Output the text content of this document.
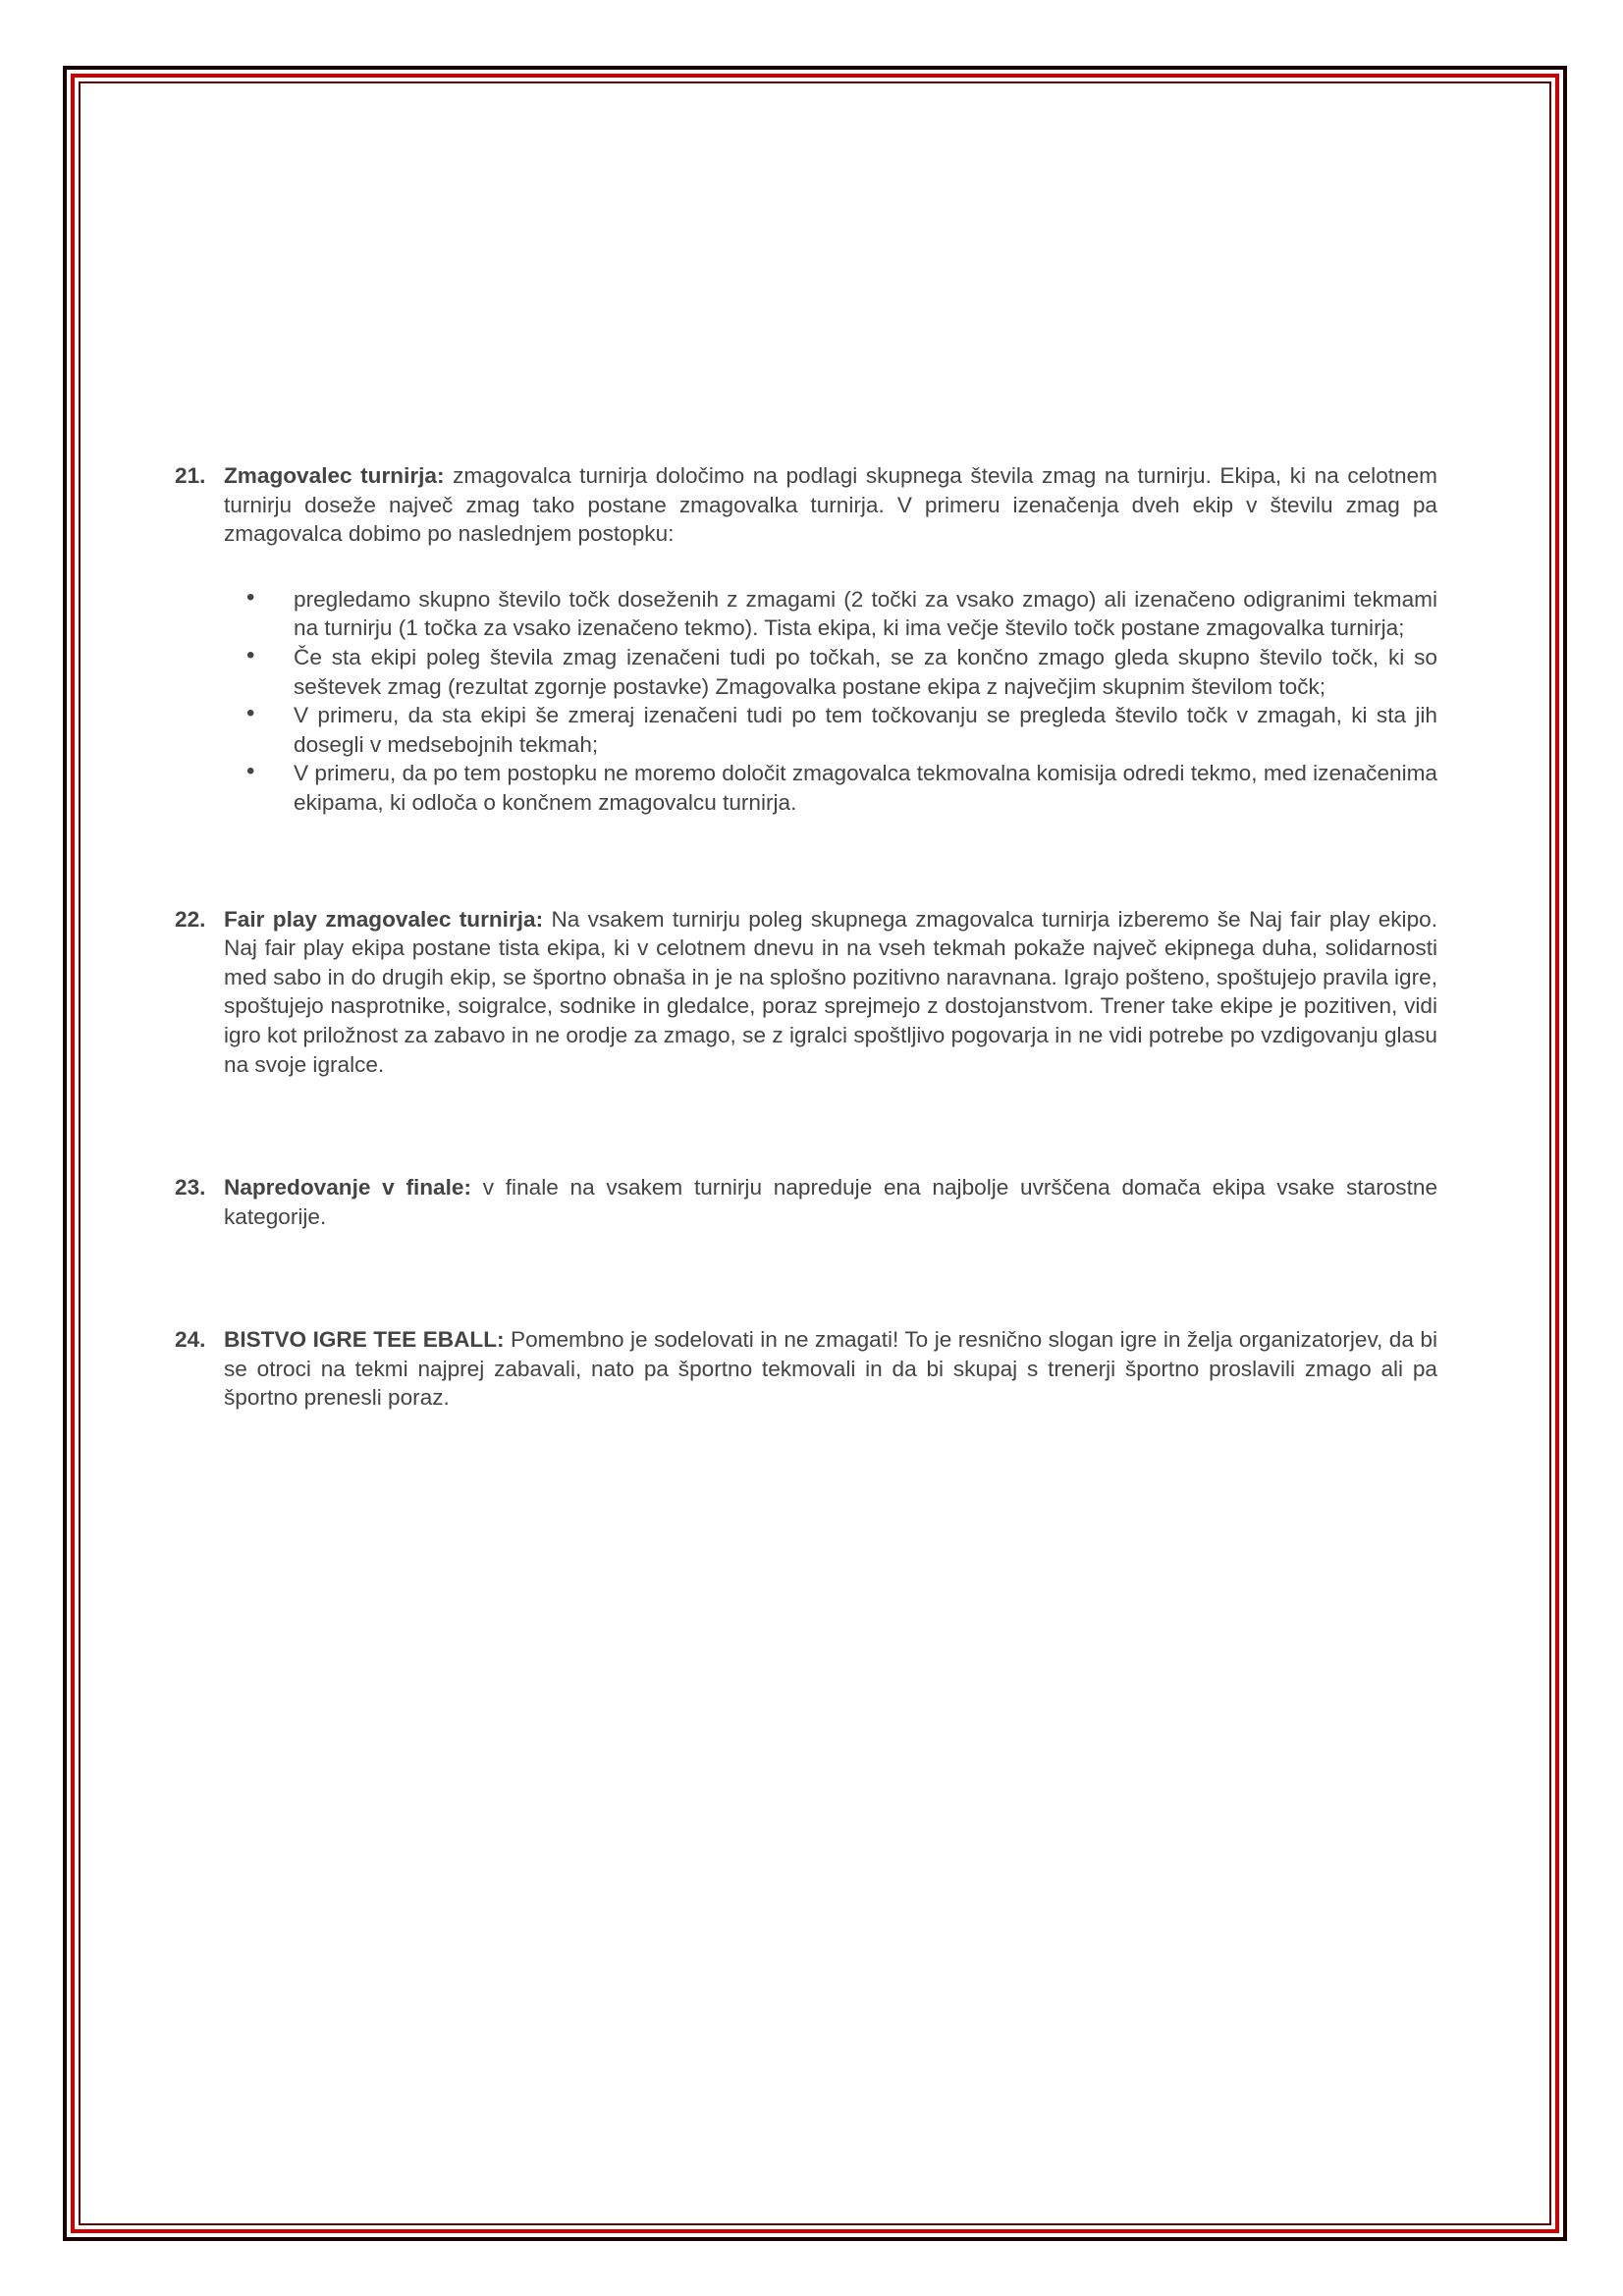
21. Zmagovalec turnirja: zmagovalca turnirja določimo na podlagi skupnega števila zmag na turnirju. Ekipa, ki na celotnem turnirju doseže največ zmag tako postane zmagovalka turnirja. V primeru izenačenja dveh ekip v številu zmag pa zmagovalca dobimo po naslednjem postopku:
• pregledamo skupno število točk doseženih z zmagami (2 točki za vsako zmago) ali izenačeno odigranimi tekmami na turnirju (1 točka za vsako izenačeno tekmo). Tista ekipa, ki ima večje število točk postane zmagovalka turnirja;
• Če sta ekipi poleg števila zmag izenačeni tudi po točkah, se za končno zmago gleda skupno število točk, ki so seštevek zmag (rezultat zgornje postavke) Zmagovalka postane ekipa z največjim skupnim številom točk;
• V primeru, da sta ekipi še zmeraj izenačeni tudi po tem točkovanju se pregleda število točk v zmagah, ki sta jih dosegli v medsebojnih tekmah;
• V primeru, da po tem postopku ne moremo določit zmagovalca tekmovalna komisija odredi tekmo, med izenačenima ekipama, ki odloča o končnem zmagovalcu turnirja.
22. Fair play zmagovalec turnirja: Na vsakem turnirju poleg skupnega zmagovalca turnirja izberemo še Naj fair play ekipo. Naj fair play ekipa postane tista ekipa, ki v celotnem dnevu in na vseh tekmah pokaže največ ekipnega duha, solidarnosti med sabo in do drugih ekip, se športno obnaša in je na splošno pozitivno naravnana. Igrajo pošteno, spoštujejo pravila igre, spoštujejo nasprotnike, soigralce, sodnike in gledalce, poraz sprejmejo z dostojanstvom. Trener take ekipe je pozitiven, vidi igro kot priložnost za zabavo in ne orodje za zmago, se z igralci spoštljivo pogovarja in ne vidi potrebe po vzdigovanju glasu na svoje igralce.
23. Napredovanje v finale: v finale na vsakem turnirju napreduje ena najbolje uvrščena domača ekipa vsake starostne kategorije.
24. BISTVO IGRE TEE EBALL: Pomembno je sodelovati in ne zmagati! To je resnično slogan igre in želja organizatorjev, da bi se otroci na tekmi najprej zabavali, nato pa športno tekmovali in da bi skupaj s trenerji športno proslavili zmago ali pa športno prenesli poraz.
